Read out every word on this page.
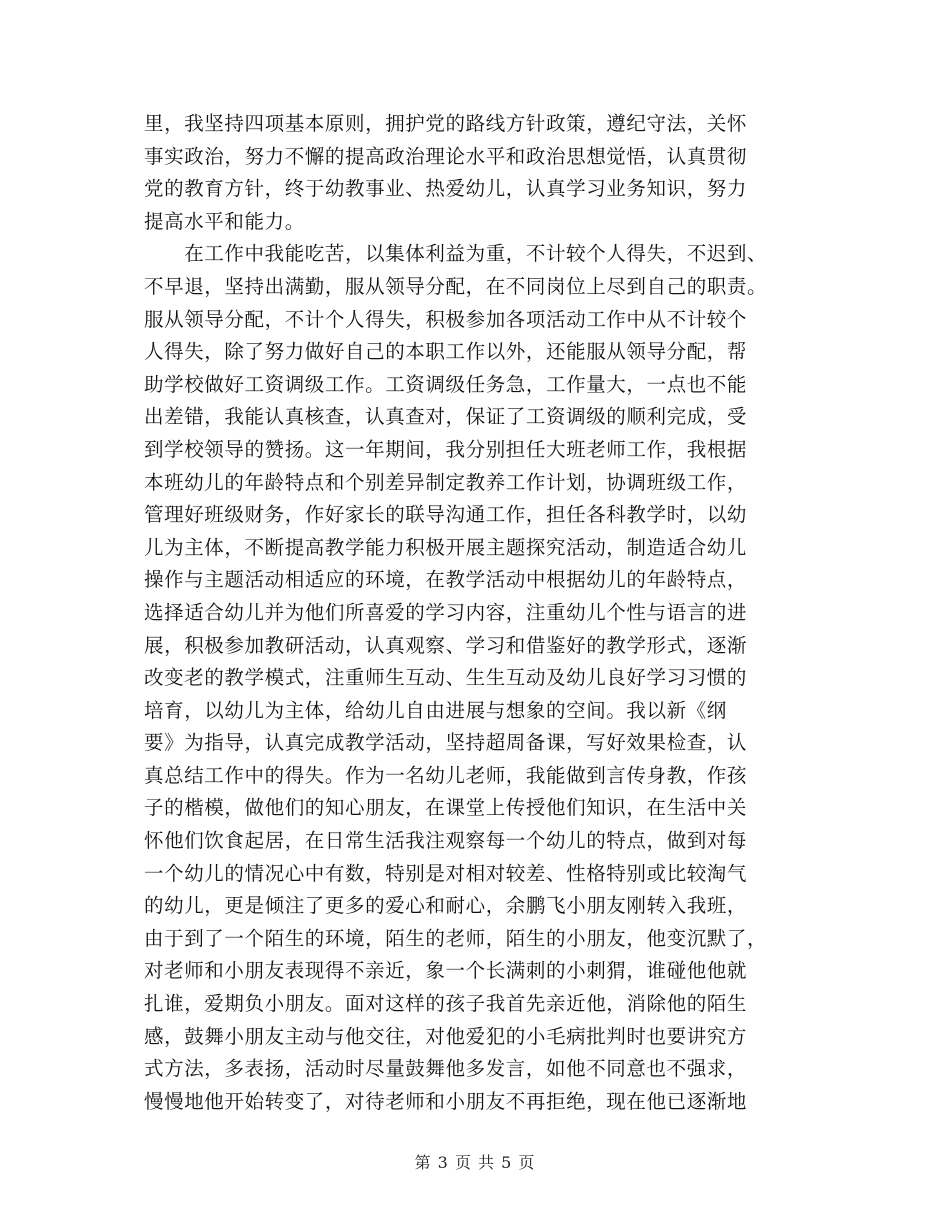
里，我坚持四项基本原则，拥护党的路线方针政策，遵纪守法，关怀
事实政治，努力不懈的提高政治理论水平和政治思想觉悟，认真贯彻
党的教育方针，终于幼教事业、热爱幼儿，认真学习业务知识，努力
提高水平和能力。
　　在工作中我能吃苦，以集体利益为重，不计较个人得失，不迟到、
不早退，坚持出满勤，服从领导分配，在不同岗位上尽到自己的职责。
服从领导分配，不计个人得失，积极参加各项活动工作中从不计较个
人得失，除了努力做好自己的本职工作以外，还能服从领导分配，帮
助学校做好工资调级工作。工资调级任务急，工作量大，一点也不能
出差错，我能认真核查，认真查对，保证了工资调级的顺利完成，受
到学校领导的赞扬。这一年期间，我分别担任大班老师工作，我根据
本班幼儿的年龄特点和个别差异制定教养工作计划，协调班级工作，
管理好班级财务，作好家长的联导沟通工作，担任各科教学时，以幼
儿为主体，不断提高教学能力积极开展主题探究活动，制造适合幼儿
操作与主题活动相适应的环境，在教学活动中根据幼儿的年龄特点，
选择适合幼儿并为他们所喜爱的学习内容，注重幼儿个性与语言的进
展，积极参加教研活动，认真观察、学习和借鉴好的教学形式，逐渐
改变老的教学模式，注重师生互动、生生互动及幼儿良好学习习惯的
培育，以幼儿为主体，给幼儿自由进展与想象的空间。我以新《纲
要》为指导，认真完成教学活动，坚持超周备课，写好效果检查，认
真总结工作中的得失。作为一名幼儿老师，我能做到言传身教，作孩
子的楷模，做他们的知心朋友，在课堂上传授他们知识，在生活中关
怀他们饮食起居，在日常生活我注观察每一个幼儿的特点，做到对每
一个幼儿的情况心中有数，特别是对相对较差、性格特别或比较淘气
的幼儿，更是倾注了更多的爱心和耐心，余鹏飞小朋友刚转入我班，
由于到了一个陌生的环境，陌生的老师，陌生的小朋友，他变沉默了，
对老师和小朋友表现得不亲近，象一个长满刺的小刺猬，谁碰他他就
扎谁，爱期负小朋友。面对这样的孩子我首先亲近他，消除他的陌生
感，鼓舞小朋友主动与他交往，对他爱犯的小毛病批判时也要讲究方
式方法，多表扬，活动时尽量鼓舞他多发言，如他不同意也不强求，
慢慢地他开始转变了，对待老师和小朋友不再拒绝，现在他已逐渐地
第 3 页 共 5 页
